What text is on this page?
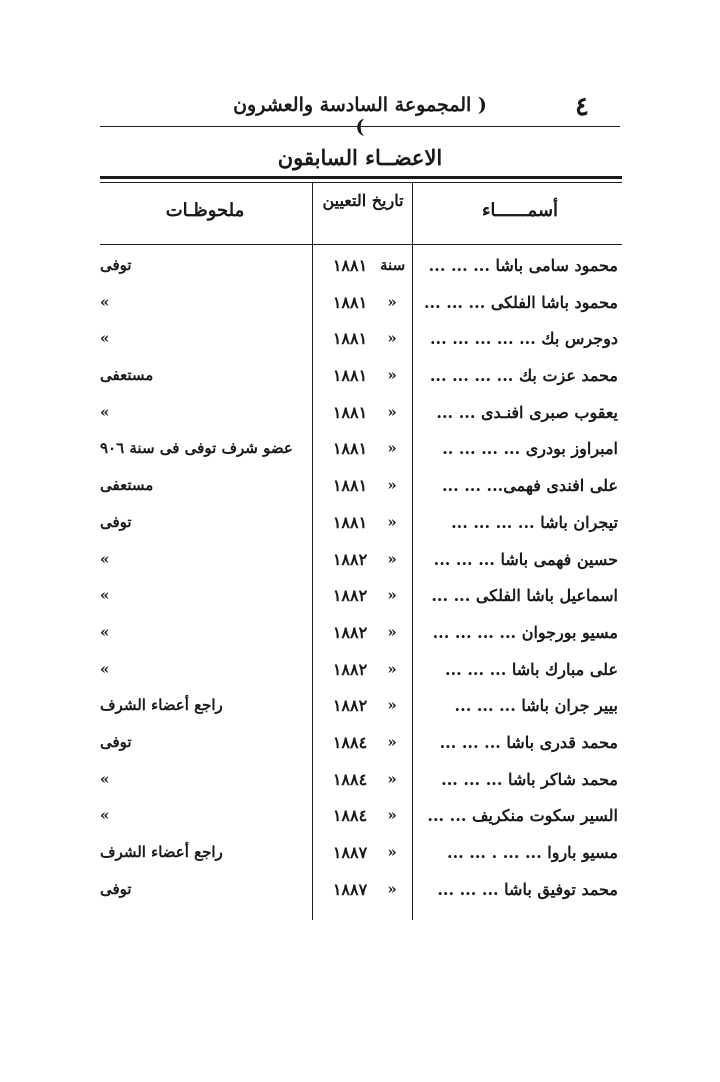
٤
( المجموعة السادسة والعشرون )
الاعضــاء السابقون
أسمــــــاء
تاريخ التعيين
ملحوظـات
محمود سامى باشا ... ... ...
سنة
١٨٨١
توفى
محمود باشا الفلكى ... ... ...
»
١٨٨١
»
دوجرس بك ... ... ... ... ...
»
١٨٨١
»
محمد عزت بك ... ... ... ...
»
١٨٨١
مستعفى
يعقوب صبرى افنـدى ... ...
»
١٨٨١
»
امبراوز بودرى ... ... ... ..
»
١٨٨١
عضو شرف توفى فى سنة ٩٠٦
على افندى فهمى... ... ...
»
١٨٨١
مستعفى
تيجران باشا ... ... ... ...
»
١٨٨١
توفى
حسين فهمى باشا ... ... ...
»
١٨٨٢
»
اسماعيل باشا الفلكى ... ...
»
١٨٨٢
»
مسيو بورجوان ... ... ... ...
»
١٨٨٢
»
على مبارك باشا ... ... ...
»
١٨٨٢
»
بيير جران باشا ... ... ...
»
١٨٨٢
راجع أعضاء الشرف
محمد قدرى باشا ... ... ...
»
١٨٨٤
توفى
محمد شاكر باشا ... ... ...
»
١٨٨٤
»
السير سكوت منكريف ... ...
»
١٨٨٤
»
مسيو باروا ... ... . ... ...
»
١٨٨٧
راجع أعضاء الشرف
محمد توفيق باشا ... ... ...
»
١٨٨٧
توفى
